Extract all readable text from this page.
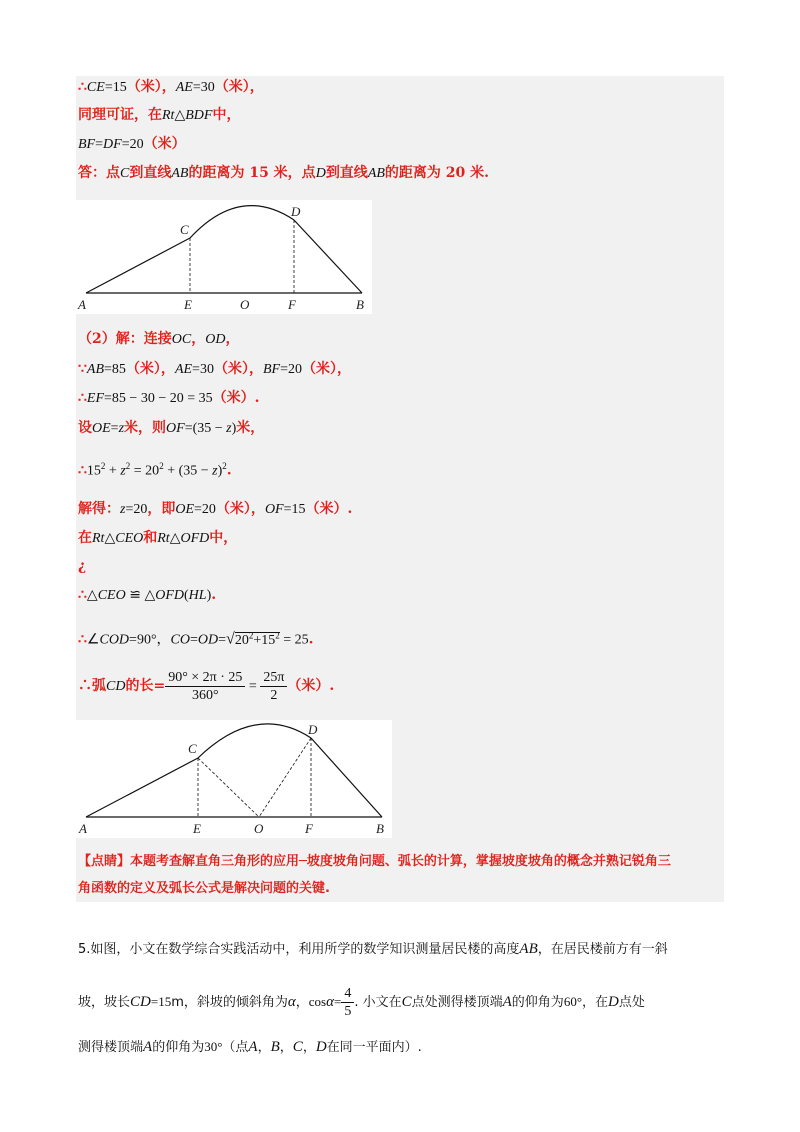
∴CE=15（米），AE=30（米），
同理可证，在Rt△BDF中，
BF=DF=20（米）
答：点C到直线AB的距离为 15 米，点D到直线AB的距离为 20 米.
A	E	O	F	B
C
D
（2）解：连接OC，OD，
∵AB=85（米），AE=30（米），BF=20（米），
∴EF=85 − 30 − 20 = 35（米）.
设OE=z米，则OF=(35 − z)米，
$\therefore 15^2 + z^2 = 20^2 + (35 - z)^2$.
解得：z=20，即OE=20（米），OF=15（米）.
在Rt△CEO和Rt△OFD中，
¿
∴△CEO ≌ △OFD(HL).
∴∠COD=90°，$CO=OD=√20^2+15^2 = 25$.
∴弧CD的长= $\frac{90^\circ \times 2\pi \cdot 25}{360^\circ} = \frac{25\pi}{2}$ （米）.
A	E	O	F	B
C
D
【点睛】本题考查解直角三角形的应用─坡度坡角问题、弧长的计算，掌握坡度坡角的概念并熟记锐角三
角函数的定义及弧长公式是解决问题的关键.
5.如图，小文在数学综合实践活动中，利用所学的数学知识测量居民楼的高度AB，在居民楼前方有一斜
坡，坡长CD=15m，斜坡的倾斜角为α，$\cos\alpha= \frac{4}{5}$ . 小文在C点处测得楼顶端A的仰角为60°，在D点处
测得楼顶端A的仰角为30°（点A，B，C，D在同一平面内）.
